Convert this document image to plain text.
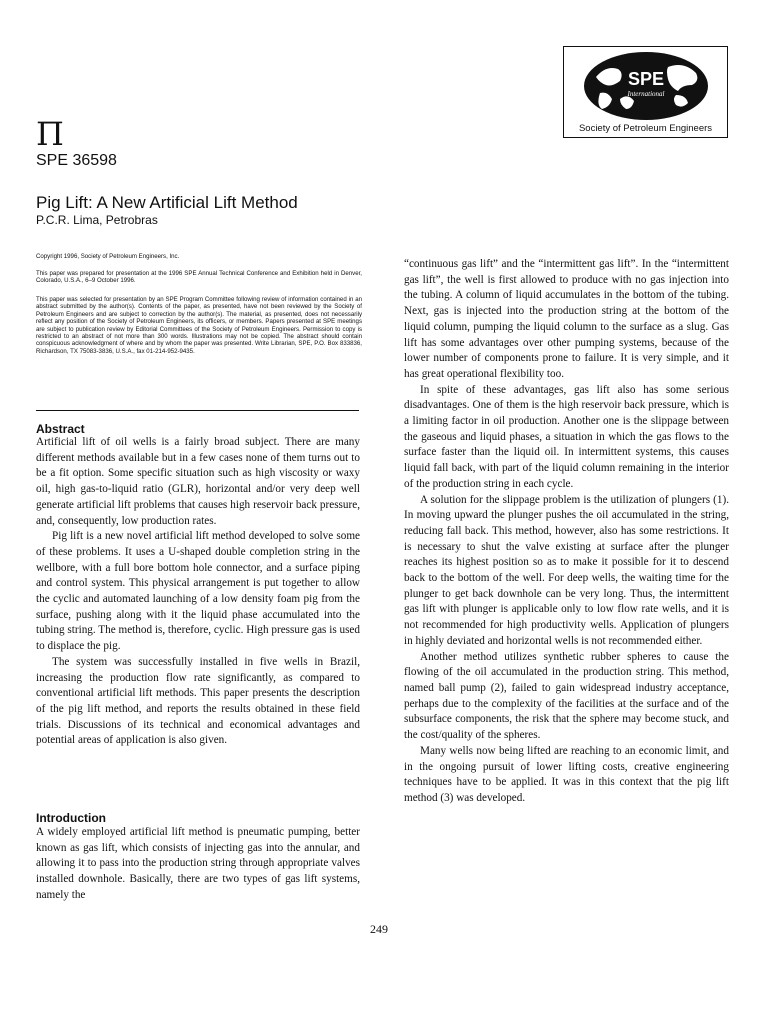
SPE
International
Society of Petroleum Engineers
Π
SPE 36598
Pig Lift: A New Artificial Lift Method
P.C.R. Lima, Petrobras
Copyright 1996, Society of Petroleum Engineers, Inc.
This paper was prepared for presentation at the 1996 SPE Annual Technical Conference and Exhibition held in Denver, Colorado, U.S.A., 6–9 October 1996.
This paper was selected for presentation by an SPE Program Committee following review of information contained in an abstract submitted by the author(s). Contents of the paper, as presented, have not been reviewed by the Society of Petroleum Engineers and are subject to correction by the author(s). The material, as presented, does not necessarily reflect any position of the Society of Petroleum Engineers, its officers, or members. Papers presented at SPE meetings are subject to publication review by Editorial Committees of the Society of Petroleum Engineers. Permission to copy is restricted to an abstract of not more than 300 words. Illustrations may not be copied. The abstract should contain conspicuous acknowledgment of where and by whom the paper was presented. Write Librarian, SPE, P.O. Box 833836, Richardson, TX 75083-3836, U.S.A., fax 01-214-952-9435.
Abstract

Artificial lift of oil wells is a fairly broad subject. There are many different methods available but in a few cases none of them turns out to be a fit option. Some specific situation such as high viscosity or waxy oil, high gas-to-liquid ratio (GLR), horizontal and/or very deep well generate artificial lift problems that causes high reservoir back pressure, and, consequently, low production rates.

Pig lift is a new novel artificial lift method developed to solve some of these problems. It uses a U-shaped double completion string in the wellbore, with a full bore bottom hole connector, and a surface piping and control system. This physical arrangement is put together to allow the cyclic and automated launching of a low density foam pig from the surface, pushing along with it the liquid phase accumulated into the tubing string. The method is, therefore, cyclic. High pressure gas is used to displace the pig.

The system was successfully installed in five wells in Brazil, increasing the production flow rate significantly, as compared to conventional artificial lift methods. This paper presents the description of the pig lift method, and reports the results obtained in these field trials. Discussions of its technical and economical advantages and potential areas of application is also given.

Introduction

A widely employed artificial lift method is pneumatic pumping, better known as gas lift, which consists of injecting gas into the annular, and allowing it to pass into the production string through appropriate valves installed downhole. Basically, there are two types of gas lift systems, namely the

“continuous gas lift” and the “intermittent gas lift”. In the “intermittent gas lift”, the well is first allowed to produce with no gas injection into the tubing. A column of liquid accumulates in the bottom of the tubing. Next, gas is injected into the production string at the bottom of the liquid column, pumping the liquid column to the surface as a slug. Gas lift has some advantages over other pumping systems, because of the lower number of components prone to failure. It is very simple, and it has great operational flexibility too.

In spite of these advantages, gas lift also has some serious disadvantages. One of them is the high reservoir back pressure, which is a limiting factor in oil production. Another one is the slippage between the gaseous and liquid phases, a situation in which the gas flows to the surface faster than the liquid oil. In intermittent systems, this causes liquid fall back, with part of the liquid column remaining in the interior of the production string in each cycle.

A solution for the slippage problem is the utilization of plungers (1). In moving upward the plunger pushes the oil accumulated in the string, reducing fall back. This method, however, also has some restrictions. It is necessary to shut the valve existing at surface after the plunger reaches its highest position so as to make it possible for it to descend back to the bottom of the well. For deep wells, the waiting time for the plunger to get back downhole can be very long. Thus, the intermittent gas lift with plunger is applicable only to low flow rate wells, and it is not recommended for high productivity wells. Application of plungers in highly deviated and horizontal wells is not recommended either.

Another method utilizes synthetic rubber spheres to cause the flowing of the oil accumulated in the production string. This method, named ball pump (2), failed to gain widespread industry acceptance, perhaps due to the complexity of the facilities at the surface and of the subsurface components, the risk that the sphere may become stuck, and the cost/quality of the spheres.

Many wells now being lifted are reaching to an economic limit, and in the ongoing pursuit of lower lifting costs, creative engineering techniques have to be applied. It was in this context that the pig lift method (3) was developed.

249
